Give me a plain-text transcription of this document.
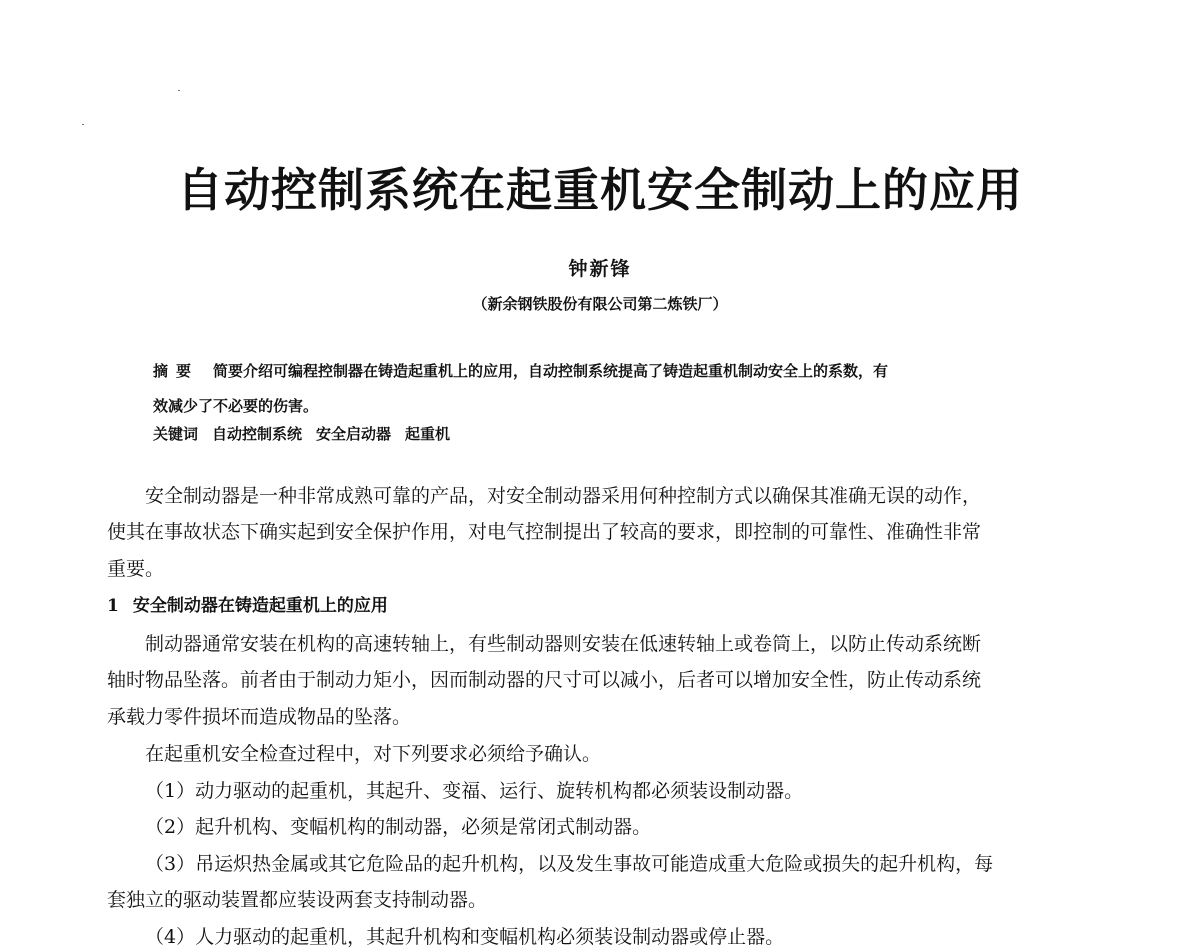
自动控制系统在起重机安全制动上的应用
钟新锋
（新余钢铁股份有限公司第二炼铁厂）
摘要 简要介绍可编程控制器在铸造起重机上的应用，自动控制系统提高了铸造起重机制动安全上的系数，有
效减少了不必要的伤害。
关键词 自动控制系统 安全启动器 起重机
安全制动器是一种非常成熟可靠的产品，对安全制动器采用何种控制方式以确保其准确无误的动作，
使其在事故状态下确实起到安全保护作用，对电气控制提出了较高的要求，即控制的可靠性、准确性非常
重要。
1 安全制动器在铸造起重机上的应用
制动器通常安装在机构的高速转轴上，有些制动器则安装在低速转轴上或卷筒上，以防止传动系统断
轴时物品坠落。前者由于制动力矩小，因而制动器的尺寸可以减小，后者可以增加安全性，防止传动系统
承载力零件损坏而造成物品的坠落。
在起重机安全检查过程中，对下列要求必须给予确认。
（1）动力驱动的起重机，其起升、变福、运行、旋转机构都必须装设制动器。
（2）起升机构、变幅机构的制动器，必须是常闭式制动器。
（3）吊运炽热金属或其它危险品的起升机构，以及发生事故可能造成重大危险或损失的起升机构，每
套独立的驱动装置都应装设两套支持制动器。
（4）人力驱动的起重机，其起升机构和变幅机构必须装设制动器或停止器。
